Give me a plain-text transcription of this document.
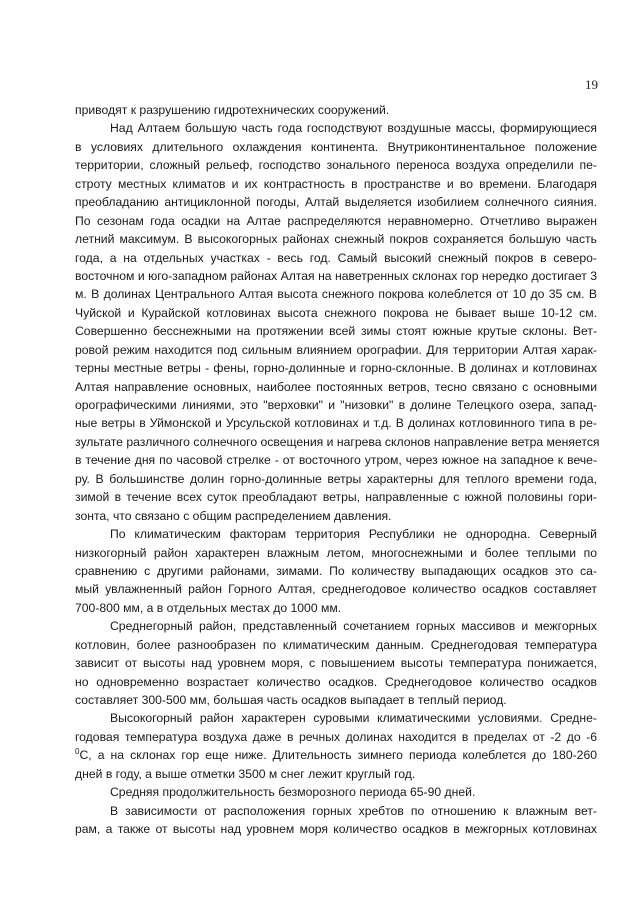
19
приводят к разрушению гидротехнических сооружений.
Над Алтаем большую часть года господствуют воздушные массы, формирующиеся
в условиях длительного охлаждения континента. Внутриконтинентальное положение
территории, сложный рельеф, господство зонального переноса воздуха определили пе-
строту местных климатов и их контрастность в пространстве и во времени. Благодаря
преобладанию антициклонной погоды, Алтай выделяется изобилием солнечного сияния.
По сезонам года осадки на Алтае распределяются неравномерно. Отчетливо выражен
летний максимум. В высокогорных районах снежный покров сохраняется большую часть
года, а на отдельных участках - весь год. Самый высокий снежный покров в северо-
восточном и юго-западном районах Алтая на наветренных склонах гор нередко достигает 3
м. В долинах Центрального Алтая высота снежного покрова колеблется от 10 до 35 см. В
Чуйской и Курайской котловинах высота снежного покрова не бывает выше 10-12 см.
Совершенно бесснежными на протяжении всей зимы стоят южные крутые склоны. Вет-
ровой режим находится под сильным влиянием орографии. Для территории Алтая харак-
терны местные ветры - фены, горно-долинные и горно-склонные. В долинах и котловинах
Алтая направление основных, наиболее постоянных ветров, тесно связано с основными
орографическими линиями, это "верховки" и "низовки" в долине Телецкого озера, запад-
ные ветры в Уймонской и Урсульской котловинах и т.д. В долинах котловинного типа в ре-
зультате различного солнечного освещения и нагрева склонов направление ветра меняется
в течение дня по часовой стрелке - от восточного утром, через южное на западное к вече-
ру. В большинстве долин горно-долинные ветры характерны для теплого времени года,
зимой в течение всех суток преобладают ветры, направленные с южной половины гори-
зонта, что связано с общим распределением давления.
По климатическим факторам территория Республики не однородна. Северный
низкогорный район характерен влажным летом, многоснежными и более теплыми по
сравнению с другими районами, зимами. По количеству выпадающих осадков это са-
мый увлажненный район Горного Алтая, среднегодовое количество осадков составляет
700-800 мм, а в отдельных местах до 1000 мм.
Среднегорный район, представленный сочетанием горных массивов и межгорных
котловин, более разнообразен по климатическим данным. Среднегодовая температура
зависит от высоты над уровнем моря, с повышением высоты температура понижается,
но одновременно возрастает количество осадков. Среднегодовое количество осадков
составляет 300-500 мм, большая часть осадков выпадает в теплый период.
Высокогорный район характерен суровыми климатическими условиями. Средне-
годовая температура воздуха даже в речных долинах находится в пределах от -2 до -6
$^0$С, а на склонах гор еще ниже. Длительность зимнего периода колеблется до 180-260
дней в году, а выше отметки 3500 м снег лежит круглый год.
Средняя продолжительность безморозного периода 65-90 дней.
В зависимости от расположения горных хребтов по отношению к влажным вет-
рам, а также от высоты над уровнем моря количество осадков в межгорных котловинах
